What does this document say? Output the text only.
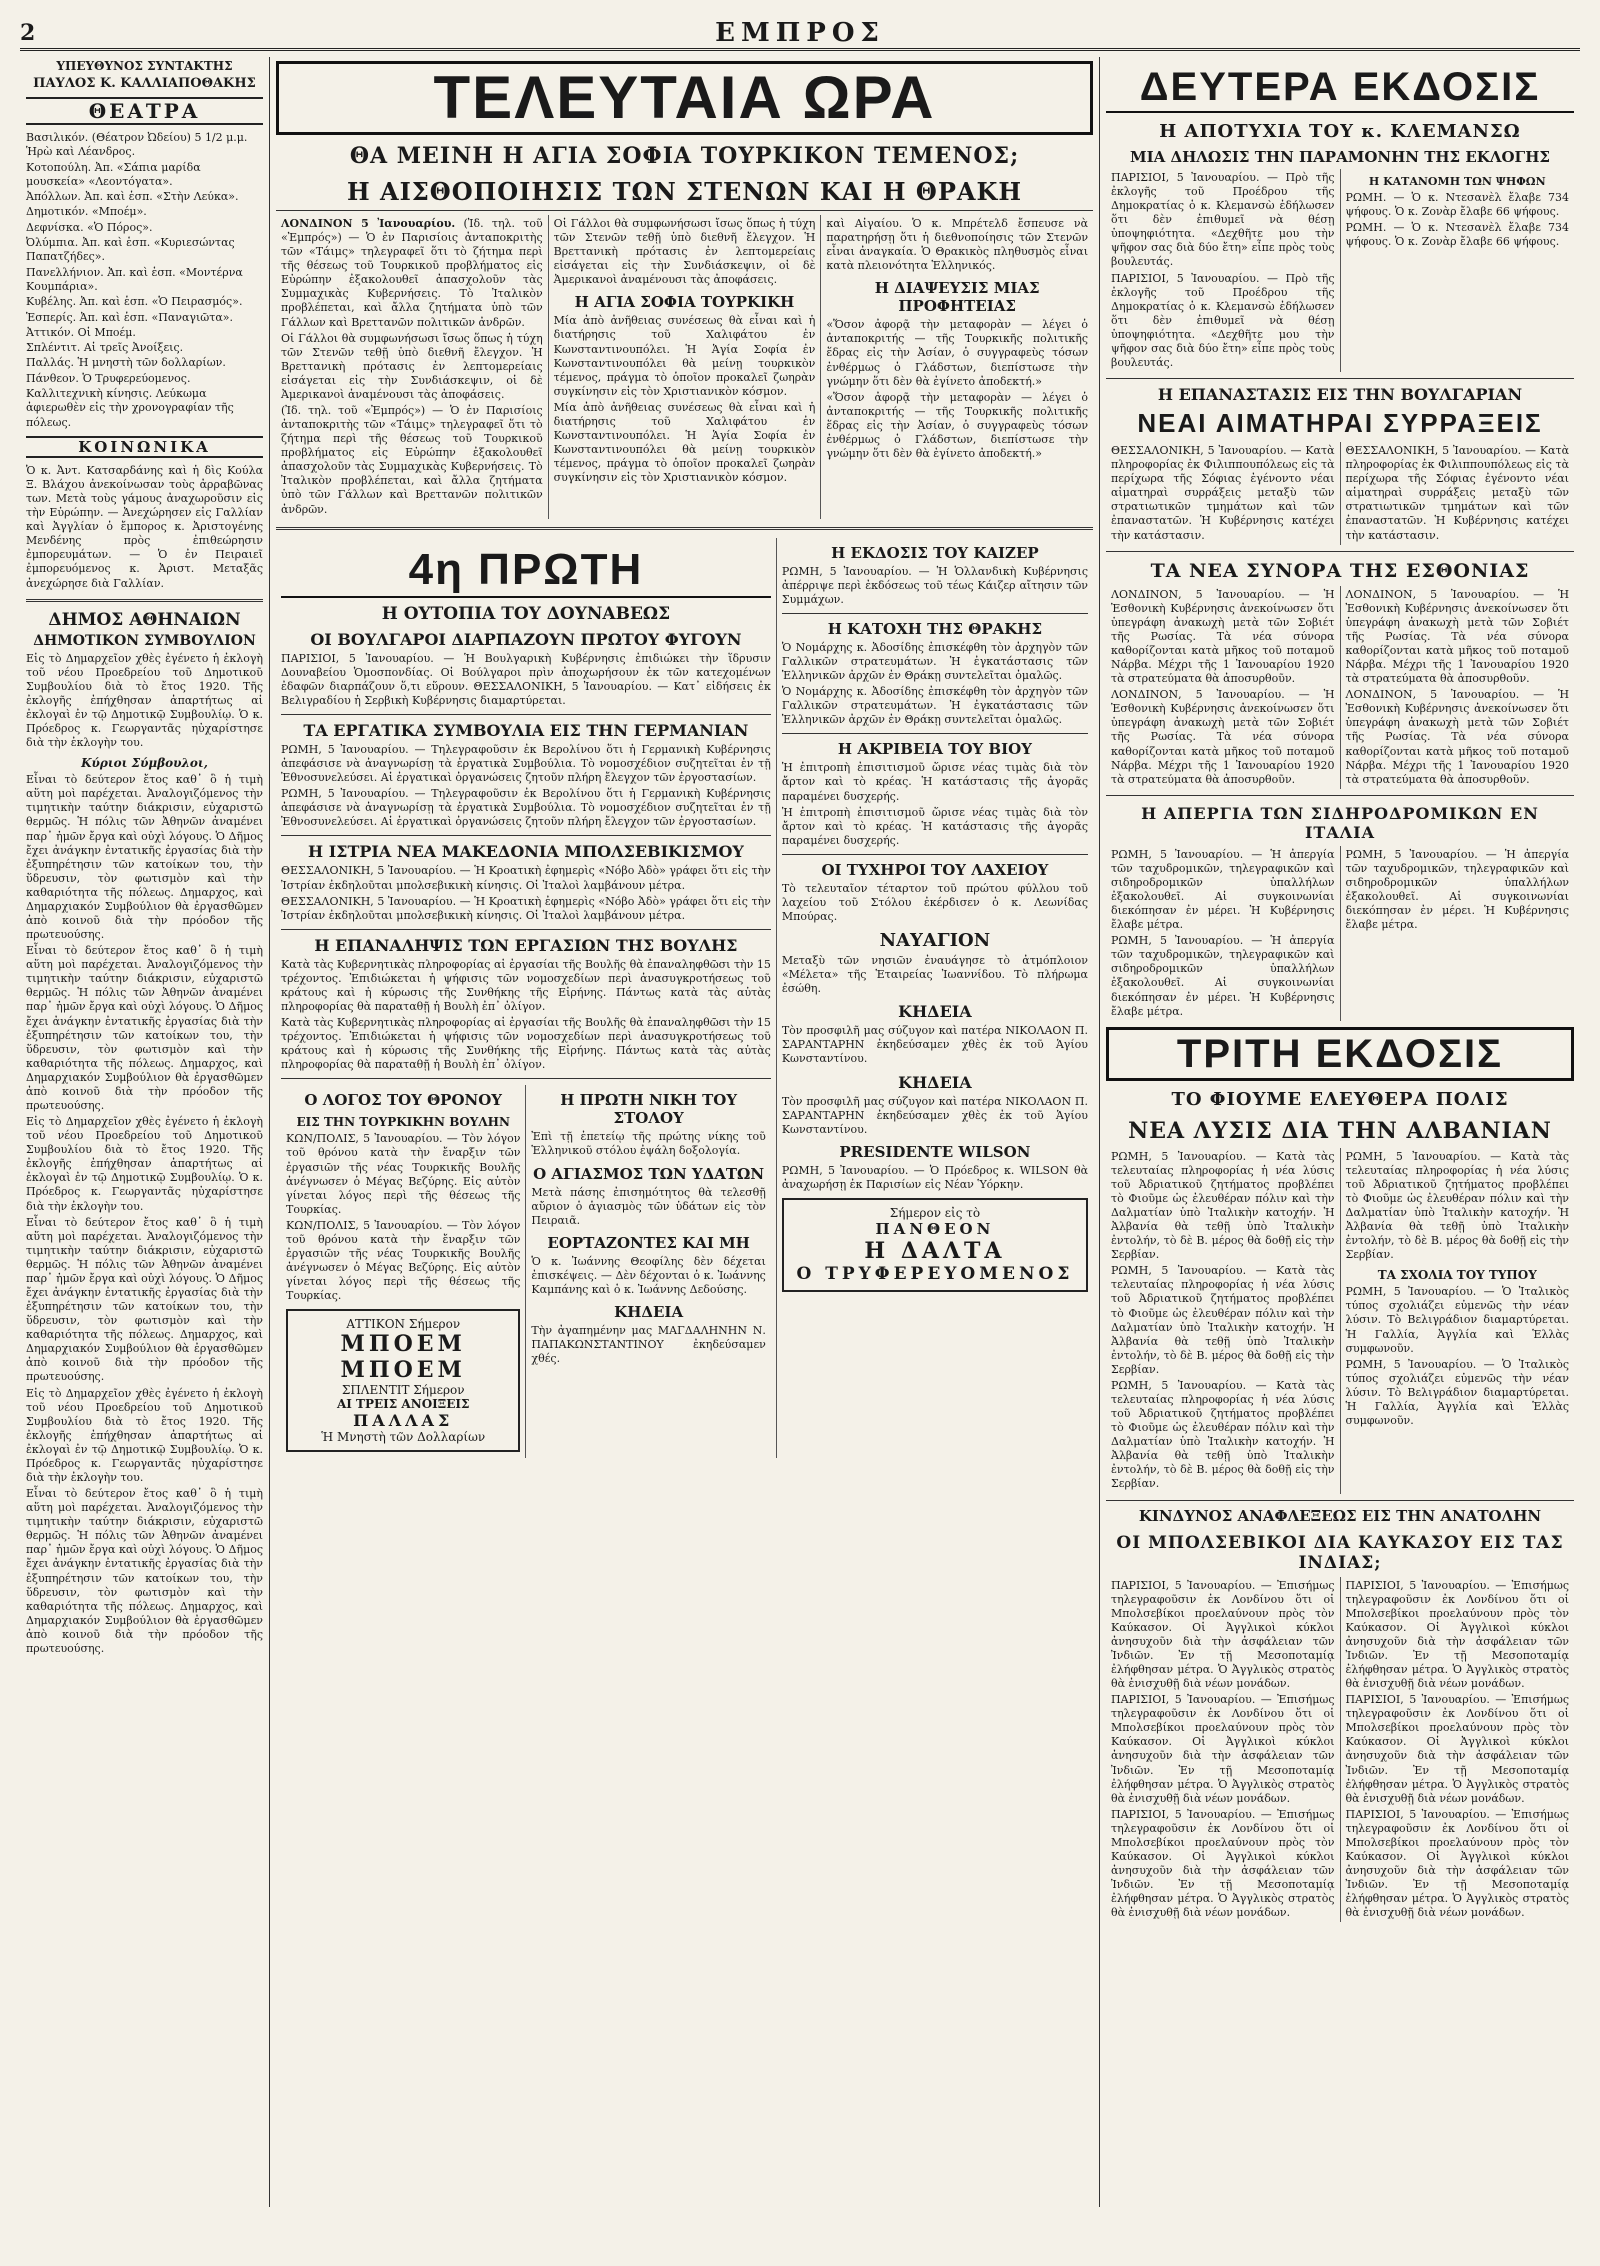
2	ΕΜΠΡΟΣ
ΥΠΕΥΘΥΝΟΣ ΣΥΝΤΑΚΤΗΣ
ΠΑΥΛΟΣ Κ. ΚΑΛΛΙΑΠΟΘΑΚΗΣ
ΘΕΑΤΡΑ
Βασιλικόν. (Θέατρον Ὠδείου) 5 1/2 μ.μ. Ἡρὼ καὶ Λέανδρος.
Κοτοπούλη. Ἀπ. «Σάπια μαρίδα μουσκεία» «Λεοντόγατα».
Ἀπόλλων. Ἀπ. καὶ ἑσπ. «Στὴν Λεύκα».
Δημοτικόν. «Μποέμ».
Δεφνίσκα. «Ὁ Πόρος».
Ὀλύμπια. Ἀπ. καὶ ἑσπ. «Κυριεσώντας Παπατζήδες».
Πανελλήνιον. Ἀπ. καὶ ἑσπ. «Μοντέρνα Κουμπάρια».
Κυβέλης. Ἀπ. καὶ ἑσπ. «Ὁ Πειρασμός».
Ἑσπερίς. Ἀπ. καὶ ἑσπ. «Παναγιῶτα».
Ἀττικόν. Οἱ Μποέμ.
Σπλέντιτ. Αἱ τρεῖς Ἀνοίξεις.
Παλλάς. Ἡ μνηστὴ τῶν δολλαρίων.
Πάνθεον. Ὁ Τρυφερεύομενος.
Καλλιτεχνικὴ κίνησις. Λεύκωμα ἀφιερωθὲν εἰς τὴν χρονογραφίαν τῆς πόλεως.
ΚΟΙΝΩΝΙΚΑ

Ὁ κ. Ἀντ. Κατσαρδάνης καὶ ἡ δὶς Κούλα Ξ. Βλάχου ἀνεκοίνωσαν τοὺς ἀρραβῶνας των. Μετὰ τοὺς γάμους ἀναχωροῦσιν εἰς τὴν Εὐρώπην. — Ἀνεχώρησεν εἰς Γαλλίαν καὶ Ἀγγλίαν ὁ ἔμπορος κ. Ἀριστογένης Μενδένης πρὸς ἐπιθεώρησιν ἐμπορευμάτων. — Ὁ ἐν Πειραιεῖ ἐμπορευόμενος κ. Ἀριστ. Μεταξᾶς ἀνεχώρησε διὰ Γαλλίαν.

ΔΗΜΟΣ ΑΘΗΝΑΙΩΝ
ΔΗΜΟΤΙΚΟΝ ΣΥΜΒΟΥΛΙΟΝ

Εἰς τὸ Δημαρχεῖον χθὲς ἐγένετο ἡ ἐκλογὴ τοῦ νέου Προεδρείου τοῦ Δημοτικοῦ Συμβουλίου διὰ τὸ ἔτος 1920. Τῆς ἐκλογῆς ἐπήχθησαν ἀπαρτήτως αἱ ἐκλογαὶ ἐν τῷ Δημοτικῷ Συμβουλίῳ. Ὁ κ. Πρόεδρος κ. Γεωργαντᾶς ηὐχαρίστησε διὰ τὴν ἐκλογὴν του.

Κύριοι Σύμβουλοι,

Εἶναι τὸ δεύτερον ἔτος καθ᾽ ὃ ἡ τιμὴ αὕτη μοὶ παρέχεται. Ἀναλογιζόμενος τὴν τιμητικὴν ταύτην διάκρισιν, εὐχαριστῶ θερμῶς. Ἡ πόλις τῶν Ἀθηνῶν ἀναμένει παρ᾽ ἡμῶν ἔργα καὶ οὐχὶ λόγους. Ὁ Δῆμος ἔχει ἀνάγκην ἐντατικῆς ἐργασίας διὰ τὴν ἐξυπηρέτησιν τῶν κατοίκων του, τὴν ὕδρευσιν, τὸν φωτισμὸν καὶ τὴν καθαριότητα τῆς πόλεως. Δημαρχος, καὶ Δημαρχιακόν Συμβούλιον θὰ ἐργασθῶμεν ἀπὸ κοινοῦ διὰ τὴν πρόοδον τῆς πρωτευούσης.

Εἶναι τὸ δεύτερον ἔτος καθ᾽ ὃ ἡ τιμὴ αὕτη μοὶ παρέχεται. Ἀναλογιζόμενος τὴν τιμητικὴν ταύτην διάκρισιν, εὐχαριστῶ θερμῶς. Ἡ πόλις τῶν Ἀθηνῶν ἀναμένει παρ᾽ ἡμῶν ἔργα καὶ οὐχὶ λόγους. Ὁ Δῆμος ἔχει ἀνάγκην ἐντατικῆς ἐργασίας διὰ τὴν ἐξυπηρέτησιν τῶν κατοίκων του, τὴν ὕδρευσιν, τὸν φωτισμὸν καὶ τὴν καθαριότητα τῆς πόλεως. Δημαρχος, καὶ Δημαρχιακόν Συμβούλιον θὰ ἐργασθῶμεν ἀπὸ κοινοῦ διὰ τὴν πρόοδον τῆς πρωτευούσης.

Εἰς τὸ Δημαρχεῖον χθὲς ἐγένετο ἡ ἐκλογὴ τοῦ νέου Προεδρείου τοῦ Δημοτικοῦ Συμβουλίου διὰ τὸ ἔτος 1920. Τῆς ἐκλογῆς ἐπήχθησαν ἀπαρτήτως αἱ ἐκλογαὶ ἐν τῷ Δημοτικῷ Συμβουλίῳ. Ὁ κ. Πρόεδρος κ. Γεωργαντᾶς ηὐχαρίστησε διὰ τὴν ἐκλογὴν του.

Εἶναι τὸ δεύτερον ἔτος καθ᾽ ὃ ἡ τιμὴ αὕτη μοὶ παρέχεται. Ἀναλογιζόμενος τὴν τιμητικὴν ταύτην διάκρισιν, εὐχαριστῶ θερμῶς. Ἡ πόλις τῶν Ἀθηνῶν ἀναμένει παρ᾽ ἡμῶν ἔργα καὶ οὐχὶ λόγους. Ὁ Δῆμος ἔχει ἀνάγκην ἐντατικῆς ἐργασίας διὰ τὴν ἐξυπηρέτησιν τῶν κατοίκων του, τὴν ὕδρευσιν, τὸν φωτισμὸν καὶ τὴν καθαριότητα τῆς πόλεως. Δημαρχος, καὶ Δημαρχιακόν Συμβούλιον θὰ ἐργασθῶμεν ἀπὸ κοινοῦ διὰ τὴν πρόοδον τῆς πρωτευούσης.

Εἰς τὸ Δημαρχεῖον χθὲς ἐγένετο ἡ ἐκλογὴ τοῦ νέου Προεδρείου τοῦ Δημοτικοῦ Συμβουλίου διὰ τὸ ἔτος 1920. Τῆς ἐκλογῆς ἐπήχθησαν ἀπαρτήτως αἱ ἐκλογαὶ ἐν τῷ Δημοτικῷ Συμβουλίῳ. Ὁ κ. Πρόεδρος κ. Γεωργαντᾶς ηὐχαρίστησε διὰ τὴν ἐκλογὴν του.

Εἶναι τὸ δεύτερον ἔτος καθ᾽ ὃ ἡ τιμὴ αὕτη μοὶ παρέχεται. Ἀναλογιζόμενος τὴν τιμητικὴν ταύτην διάκρισιν, εὐχαριστῶ θερμῶς. Ἡ πόλις τῶν Ἀθηνῶν ἀναμένει παρ᾽ ἡμῶν ἔργα καὶ οὐχὶ λόγους. Ὁ Δῆμος ἔχει ἀνάγκην ἐντατικῆς ἐργασίας διὰ τὴν ἐξυπηρέτησιν τῶν κατοίκων του, τὴν ὕδρευσιν, τὸν φωτισμὸν καὶ τὴν καθαριότητα τῆς πόλεως. Δημαρχος, καὶ Δημαρχιακόν Συμβούλιον θὰ ἐργασθῶμεν ἀπὸ κοινοῦ διὰ τὴν πρόοδον τῆς πρωτευούσης.

ΤΕΛΕΥΤΑΙΑ ΩΡΑ
ΘΑ ΜΕΙΝΗ Η ΑΓΙΑ ΣΟΦΙΑ ΤΟΥΡΚΙΚΟΝ ΤΕΜΕΝΟΣ;
Η ΑΙΣΘΟΠΟΙΗΣΙΣ ΤΩΝ ΣΤΕΝΩΝ ΚΑΙ Η ΘΡΑΚΗ

ΛΟΝΔΙΝΟΝ 5 Ἰανουαρίου. (Ἰδ. τηλ. τοῦ «Ἐμπρός») — Ὁ ἐν Παρισίοις ἀνταποκριτὴς τῶν «Τάιμς» τηλεγραφεῖ ὅτι τὸ ζήτημα περὶ τῆς θέσεως τοῦ Τουρκικοῦ προβλήματος εἰς Εὐρώπην ἐξακολουθεῖ ἀπασχολοῦν τὰς Συμμαχικὰς Κυβερνήσεις. Τὸ Ἰταλικὸν προβλέπεται, καὶ ἄλλα ζητήματα ὑπὸ τῶν Γάλλων καὶ Βρεττανῶν πολιτικῶν ἀνδρῶν.

Οἱ Γάλλοι θὰ συμφωνήσωσι ἴσως ὅπως ἡ τύχη τῶν Στενῶν τεθῇ ὑπὸ διεθνῆ ἔλεγχον. Ἡ Βρεττανικὴ πρότασις ἐν λεπτομερείαις εἰσάγεται εἰς τὴν Συνδιάσκεψιν, οἱ δὲ Ἀμερικανοὶ ἀναμένουσι τὰς ἀποφάσεις.

(Ἰδ. τηλ. τοῦ «Ἐμπρός») — Ὁ ἐν Παρισίοις ἀνταποκριτὴς τῶν «Τάιμς» τηλεγραφεῖ ὅτι τὸ ζήτημα περὶ τῆς θέσεως τοῦ Τουρκικοῦ προβλήματος εἰς Εὐρώπην ἐξακολουθεῖ ἀπασχολοῦν τὰς Συμμαχικὰς Κυβερνήσεις. Τὸ Ἰταλικὸν προβλέπεται, καὶ ἄλλα ζητήματα ὑπὸ τῶν Γάλλων καὶ Βρεττανῶν πολιτικῶν ἀνδρῶν.

Οἱ Γάλλοι θὰ συμφωνήσωσι ἴσως ὅπως ἡ τύχη τῶν Στενῶν τεθῇ ὑπὸ διεθνῆ ἔλεγχον. Ἡ Βρεττανικὴ πρότασις ἐν λεπτομερείαις εἰσάγεται εἰς τὴν Συνδιάσκεψιν, οἱ δὲ Ἀμερικανοὶ ἀναμένουσι τὰς ἀποφάσεις.

Η ΑΓΙΑ ΣΟΦΙΑ ΤΟΥΡΚΙΚΗ

Μία ἀπὸ ἀνῆθειας συνέσεως θὰ εἶναι καὶ ἡ διατήρησις τοῦ Χαλιφάτου ἐν Κωνσταντινουπόλει. Ἡ Ἁγία Σοφία ἐν Κωνσταντινουπόλει θὰ μείνῃ τουρκικὸν τέμενος, πράγμα τὸ ὁποῖον προκαλεῖ ζωηρὰν συγκίνησιν εἰς τὸν Χριστιανικὸν κόσμον.

Μία ἀπὸ ἀνῆθειας συνέσεως θὰ εἶναι καὶ ἡ διατήρησις τοῦ Χαλιφάτου ἐν Κωνσταντινουπόλει. Ἡ Ἁγία Σοφία ἐν Κωνσταντινουπόλει θὰ μείνῃ τουρκικὸν τέμενος, πράγμα τὸ ὁποῖον προκαλεῖ ζωηρὰν συγκίνησιν εἰς τὸν Χριστιανικὸν κόσμον.

καὶ Αἰγαίου. Ὁ κ. Μπρέτελδ ἔσπευσε νὰ παρατηρήσῃ ὅτι ἡ διεθνοποίησις τῶν Στενῶν εἶναι ἀναγκαία. Ὁ Θρακικὸς πληθυσμὸς εἶναι κατὰ πλειονότητα Ἑλληνικός.

Η ΔΙΑΨΕΥΣΙΣ ΜΙΑΣ ΠΡΟΦΗΤΕΙΑΣ

«Ὅσον ἀφορᾷ τὴν μεταφορὰν — λέγει ὁ ἀνταποκριτής — τῆς Τουρκικῆς πολιτικῆς ἕδρας εἰς τὴν Ἀσίαν, ὁ συγγραφεὺς τόσων ἐνθέρμως ὁ Γλάδστων, διεπίστωσε τὴν γνώμην ὅτι δὲν θὰ ἐγίνετο ἀποδεκτή.»

«Ὅσον ἀφορᾷ τὴν μεταφορὰν — λέγει ὁ ἀνταποκριτής — τῆς Τουρκικῆς πολιτικῆς ἕδρας εἰς τὴν Ἀσίαν, ὁ συγγραφεὺς τόσων ἐνθέρμως ὁ Γλάδστων, διεπίστωσε τὴν γνώμην ὅτι δὲν θὰ ἐγίνετο ἀποδεκτή.»

4η ΠΡΩΤΗ
Η ΟΥΤΟΠΙΑ ΤΟΥ ΔΟΥΝΑΒΕΩΣ
ΟΙ ΒΟΥΛΓΑΡΟΙ ΔΙΑΡΠΑΖΟΥΝ ΠΡΩΤΟΥ ΦΥΓΟΥΝ

ΠΑΡΙΣΙΟΙ, 5 Ἰανουαρίου. — Ἡ Βουλγαρικὴ Κυβέρνησις ἐπιδιώκει τὴν ἵδρυσιν Δουναβείου Ὁμοσπονδίας. Οἱ Βούλγαροι πρὶν ἀποχωρήσουν ἐκ τῶν κατεχομένων ἐδαφῶν διαρπάζουν ὅ,τι εὕρουν. ΘΕΣΣΑΛΟΝΙΚΗ, 5 Ἰανουαρίου. — Κατ᾽ εἰδήσεις ἐκ Βελιγραδίου ἡ Σερβικὴ Κυβέρνησις διαμαρτύρεται.

ΤΑ ΕΡΓΑΤΙΚΑ ΣΥΜΒΟΥΛΙΑ ΕΙΣ ΤΗΝ ΓΕΡΜΑΝΙΑΝ

ΡΩΜΗ, 5 Ἰανουαρίου. — Τηλεγραφοῦσιν ἐκ Βερολίνου ὅτι ἡ Γερμανικὴ Κυβέρνησις ἀπεφάσισε νὰ ἀναγνωρίσῃ τὰ ἐργατικὰ Συμβούλια. Τὸ νομοσχέδιον συζητεῖται ἐν τῇ Ἐθνοσυνελεύσει. Αἱ ἐργατικαὶ ὀργανώσεις ζητοῦν πλήρη ἔλεγχον τῶν ἐργοστασίων.

ΡΩΜΗ, 5 Ἰανουαρίου. — Τηλεγραφοῦσιν ἐκ Βερολίνου ὅτι ἡ Γερμανικὴ Κυβέρνησις ἀπεφάσισε νὰ ἀναγνωρίσῃ τὰ ἐργατικὰ Συμβούλια. Τὸ νομοσχέδιον συζητεῖται ἐν τῇ Ἐθνοσυνελεύσει. Αἱ ἐργατικαὶ ὀργανώσεις ζητοῦν πλήρη ἔλεγχον τῶν ἐργοστασίων.

Η ΙΣΤΡΙΑ ΝΕΑ ΜΑΚΕΔΟΝΙΑ ΜΠΟΛΣΕΒΙΚΙΣΜΟΥ

ΘΕΣΣΑΛΟΝΙΚΗ, 5 Ἰανουαρίου. — Ἡ Κροατικὴ ἐφημερὶς «Νόβο Ἀδὸ» γράφει ὅτι εἰς τὴν Ἰστρίαν ἐκδηλοῦται μπολσεβικικὴ κίνησις. Οἱ Ἰταλοὶ λαμβάνουν μέτρα.

ΘΕΣΣΑΛΟΝΙΚΗ, 5 Ἰανουαρίου. — Ἡ Κροατικὴ ἐφημερὶς «Νόβο Ἀδὸ» γράφει ὅτι εἰς τὴν Ἰστρίαν ἐκδηλοῦται μπολσεβικικὴ κίνησις. Οἱ Ἰταλοὶ λαμβάνουν μέτρα.

Η ΕΠΑΝΑΛΗΨΙΣ ΤΩΝ ΕΡΓΑΣΙΩΝ ΤΗΣ ΒΟΥΛΗΣ

Κατὰ τὰς Κυβερνητικὰς πληροφορίας αἱ ἐργασίαι τῆς Βουλῆς θὰ ἐπαναληφθῶσι τὴν 15 τρέχοντος. Ἐπιδιώκεται ἡ ψήφισις τῶν νομοσχεδίων περὶ ἀνασυγκροτήσεως τοῦ κράτους καὶ ἡ κύρωσις τῆς Συνθήκης τῆς Εἰρήνης. Πάντως κατὰ τὰς αὐτὰς πληροφορίας θὰ παραταθῇ ἡ Βουλὴ ἐπ᾽ ὀλίγον.

Κατὰ τὰς Κυβερνητικὰς πληροφορίας αἱ ἐργασίαι τῆς Βουλῆς θὰ ἐπαναληφθῶσι τὴν 15 τρέχοντος. Ἐπιδιώκεται ἡ ψήφισις τῶν νομοσχεδίων περὶ ἀνασυγκροτήσεως τοῦ κράτους καὶ ἡ κύρωσις τῆς Συνθήκης τῆς Εἰρήνης. Πάντως κατὰ τὰς αὐτὰς πληροφορίας θὰ παραταθῇ ἡ Βουλὴ ἐπ᾽ ὀλίγον.

Ο ΛΟΓΟΣ ΤΟΥ ΘΡΟΝΟΥ
ΕΙΣ ΤΗΝ ΤΟΥΡΚΙΚΗΝ ΒΟΥΛΗΝ

ΚΩΝ/ΠΟΛΙΣ, 5 Ἰανουαρίου. — Τὸν λόγον τοῦ θρόνου κατὰ τὴν ἔναρξιν τῶν ἐργασιῶν τῆς νέας Τουρκικῆς Βουλῆς ἀνέγνωσεν ὁ Μέγας Βεζύρης. Εἰς αὐτὸν γίνεται λόγος περὶ τῆς θέσεως τῆς Τουρκίας.

ΚΩΝ/ΠΟΛΙΣ, 5 Ἰανουαρίου. — Τὸν λόγον τοῦ θρόνου κατὰ τὴν ἔναρξιν τῶν ἐργασιῶν τῆς νέας Τουρκικῆς Βουλῆς ἀνέγνωσεν ὁ Μέγας Βεζύρης. Εἰς αὐτὸν γίνεται λόγος περὶ τῆς θέσεως τῆς Τουρκίας.

ΑΤΤΙΚΟΝ Σήμερον
ΜΠΟΕΜ
ΜΠΟΕΜ
ΣΠΛΕΝΤΙΤ Σήμερον
ΑΙ ΤΡΕΙΣ ΑΝΟΙΞΕΙΣ
ΠΑΛΛΑΣ
Ἡ Μνηστὴ τῶν Δολλαρίων
Η ΠΡΩΤΗ ΝΙΚΗ ΤΟΥ ΣΤΟΛΟΥ

Ἐπὶ τῇ ἐπετείῳ τῆς πρώτης νίκης τοῦ Ἑλληνικοῦ στόλου ἐψάλη δοξολογία.

Ο ΑΓΙΑΣΜΟΣ ΤΩΝ ΥΔΑΤΩΝ

Μετὰ πάσης ἐπισημότητος θὰ τελεσθῇ αὔριον ὁ ἁγιασμὸς τῶν ὑδάτων εἰς τὸν Πειραιᾶ.

ΕΟΡΤΑΖΟΝΤΕΣ ΚΑΙ ΜΗ

Ὁ κ. Ἰωάννης Θεοφίλης δὲν δέχεται ἐπισκέψεις. — Δὲν δέχονται ὁ κ. Ἰωάννης Καμπάνης καὶ ὁ κ. Ἰωάννης Δεδούσης.

ΚΗΔΕΙΑ

Τὴν ἀγαπημένην μας ΜΑΓΔΑΛΗΝΗΝ Ν. ΠΑΠΑΚΩΝΣΤΑΝΤΙΝΟΥ ἐκηδεύσαμεν χθές.

Η ΕΚΔΟΣΙΣ ΤΟΥ ΚΑΙΖΕΡ

ΡΩΜΗ, 5 Ἰανουαρίου. — Ἡ Ὁλλανδικὴ Κυβέρνησις ἀπέρριψε περὶ ἐκδόσεως τοῦ τέως Κάιζερ αἴτησιν τῶν Συμμάχων.

Η ΚΑΤΟΧΗ ΤΗΣ ΘΡΑΚΗΣ

Ὁ Νομάρχης κ. Ἀδοσίδης ἐπισκέφθη τὸν ἀρχηγὸν τῶν Γαλλικῶν στρατευμάτων. Ἡ ἐγκατάστασις τῶν Ἑλληνικῶν ἀρχῶν ἐν Θράκῃ συντελεῖται ὁμαλῶς.

Ὁ Νομάρχης κ. Ἀδοσίδης ἐπισκέφθη τὸν ἀρχηγὸν τῶν Γαλλικῶν στρατευμάτων. Ἡ ἐγκατάστασις τῶν Ἑλληνικῶν ἀρχῶν ἐν Θράκῃ συντελεῖται ὁμαλῶς.

Η ΑΚΡΙΒΕΙΑ ΤΟΥ ΒΙΟΥ

Ἡ ἐπιτροπὴ ἐπισιτισμοῦ ὥρισε νέας τιμὰς διὰ τὸν ἄρτον καὶ τὸ κρέας. Ἡ κατάστασις τῆς ἀγορᾶς παραμένει δυσχερής.

Ἡ ἐπιτροπὴ ἐπισιτισμοῦ ὥρισε νέας τιμὰς διὰ τὸν ἄρτον καὶ τὸ κρέας. Ἡ κατάστασις τῆς ἀγορᾶς παραμένει δυσχερής.

ΟΙ ΤΥΧΗΡΟΙ ΤΟΥ ΛΑΧΕΙΟΥ

Τὸ τελευταῖον τέταρτον τοῦ πρώτου φύλλου τοῦ λαχείου τοῦ Στόλου ἐκέρδισεν ὁ κ. Λεωνίδας Μπούρας.

ΝΑΥΑΓΙΟΝ

Μεταξὺ τῶν νησιῶν ἐναυάγησε τὸ ἀτμόπλοιον «Μέλετα» τῆς Ἑταιρείας Ἰωαννίδου. Τὸ πλήρωμα ἐσώθη.

ΚΗΔΕΙΑ

Τὸν προσφιλῆ μας σύζυγον καὶ πατέρα ΝΙΚΟΛΑΟΝ Π. ΣΑΡΑΝΤΑΡΗΝ ἐκηδεύσαμεν χθὲς ἐκ τοῦ Ἁγίου Κωνσταντίνου.

ΚΗΔΕΙΑ

Τὸν προσφιλῆ μας σύζυγον καὶ πατέρα ΝΙΚΟΛΑΟΝ Π. ΣΑΡΑΝΤΑΡΗΝ ἐκηδεύσαμεν χθὲς ἐκ τοῦ Ἁγίου Κωνσταντίνου.

PRESIDENTE WILSON

ΡΩΜΗ, 5 Ἰανουαρίου. — Ὁ Πρόεδρος κ. WILSON θὰ ἀναχωρήσῃ ἐκ Παρισίων εἰς Νέαν Ὑόρκην.

Σήμερον εἰς τὸ
ΠΑΝΘΕΟΝ
Η ΔΑΛΤΑ
Ο ΤΡΥΦΕΡΕΥΟΜΕΝΟΣ
ΔΕΥΤΕΡΑ ΕΚΔΟΣΙΣ
Η ΑΠΟΤΥΧΙΑ ΤΟΥ κ. ΚΛΕΜΑΝΣΩ
ΜΙΑ ΔΗΛΩΣΙΣ ΤΗΝ ΠΑΡΑΜΟΝΗΝ ΤΗΣ ΕΚΛΟΓΗΣ

ΠΑΡΙΣΙΟΙ, 5 Ἰανουαρίου. — Πρὸ τῆς ἐκλογῆς τοῦ Προέδρου τῆς Δημοκρατίας ὁ κ. Κλεμανσὼ ἐδήλωσεν ὅτι δὲν ἐπιθυμεῖ νὰ θέσῃ ὑποψηφιότητα. «Δεχθῆτε μου τὴν ψῆφον σας διὰ δύο ἔτη» εἶπε πρὸς τοὺς βουλευτάς.

ΠΑΡΙΣΙΟΙ, 5 Ἰανουαρίου. — Πρὸ τῆς ἐκλογῆς τοῦ Προέδρου τῆς Δημοκρατίας ὁ κ. Κλεμανσὼ ἐδήλωσεν ὅτι δὲν ἐπιθυμεῖ νὰ θέσῃ ὑποψηφιότητα. «Δεχθῆτε μου τὴν ψῆφον σας διὰ δύο ἔτη» εἶπε πρὸς τοὺς βουλευτάς.

Η ΚΑΤΑΝΟΜΗ ΤΩΝ ΨΗΦΩΝ

ΡΩΜΗ. — Ὁ κ. Ντεσανὲλ ἔλαβε 734 ψήφους. Ὁ κ. Ζονὰρ ἔλαβε 66 ψήφους.

ΡΩΜΗ. — Ὁ κ. Ντεσανὲλ ἔλαβε 734 ψήφους. Ὁ κ. Ζονὰρ ἔλαβε 66 ψήφους.

Η ΕΠΑΝΑΣΤΑΣΙΣ ΕΙΣ ΤΗΝ ΒΟΥΛΓΑΡΙΑΝ
ΝΕΑΙ ΑΙΜΑΤΗΡΑΙ ΣΥΡΡΑΞΕΙΣ

ΘΕΣΣΑΛΟΝΙΚΗ, 5 Ἰανουαρίου. — Κατὰ πληροφορίας ἐκ Φιλιππουπόλεως εἰς τὰ περίχωρα τῆς Σόφιας ἐγένοντο νέαι αἱματηραὶ συρράξεις μεταξὺ τῶν στρατιωτικῶν τμημάτων καὶ τῶν ἐπαναστατῶν. Ἡ Κυβέρνησις κατέχει τὴν κατάστασιν.

ΘΕΣΣΑΛΟΝΙΚΗ, 5 Ἰανουαρίου. — Κατὰ πληροφορίας ἐκ Φιλιππουπόλεως εἰς τὰ περίχωρα τῆς Σόφιας ἐγένοντο νέαι αἱματηραὶ συρράξεις μεταξὺ τῶν στρατιωτικῶν τμημάτων καὶ τῶν ἐπαναστατῶν. Ἡ Κυβέρνησις κατέχει τὴν κατάστασιν.

ΤΑ ΝΕΑ ΣΥΝΟΡΑ ΤΗΣ ΕΣΘΟΝΙΑΣ

ΛΟΝΔΙΝΟΝ, 5 Ἰανουαρίου. — Ἡ Ἐσθονικὴ Κυβέρνησις ἀνεκοίνωσεν ὅτι ὑπεγράφη ἀνακωχὴ μετὰ τῶν Σοβιέτ τῆς Ρωσίας. Τὰ νέα σύνορα καθορίζονται κατὰ μῆκος τοῦ ποταμοῦ Νάρβα. Μέχρι τῆς 1 Ἰανουαρίου 1920 τὰ στρατεύματα θὰ ἀποσυρθοῦν.

ΛΟΝΔΙΝΟΝ, 5 Ἰανουαρίου. — Ἡ Ἐσθονικὴ Κυβέρνησις ἀνεκοίνωσεν ὅτι ὑπεγράφη ἀνακωχὴ μετὰ τῶν Σοβιέτ τῆς Ρωσίας. Τὰ νέα σύνορα καθορίζονται κατὰ μῆκος τοῦ ποταμοῦ Νάρβα. Μέχρι τῆς 1 Ἰανουαρίου 1920 τὰ στρατεύματα θὰ ἀποσυρθοῦν.

ΛΟΝΔΙΝΟΝ, 5 Ἰανουαρίου. — Ἡ Ἐσθονικὴ Κυβέρνησις ἀνεκοίνωσεν ὅτι ὑπεγράφη ἀνακωχὴ μετὰ τῶν Σοβιέτ τῆς Ρωσίας. Τὰ νέα σύνορα καθορίζονται κατὰ μῆκος τοῦ ποταμοῦ Νάρβα. Μέχρι τῆς 1 Ἰανουαρίου 1920 τὰ στρατεύματα θὰ ἀποσυρθοῦν.

ΛΟΝΔΙΝΟΝ, 5 Ἰανουαρίου. — Ἡ Ἐσθονικὴ Κυβέρνησις ἀνεκοίνωσεν ὅτι ὑπεγράφη ἀνακωχὴ μετὰ τῶν Σοβιέτ τῆς Ρωσίας. Τὰ νέα σύνορα καθορίζονται κατὰ μῆκος τοῦ ποταμοῦ Νάρβα. Μέχρι τῆς 1 Ἰανουαρίου 1920 τὰ στρατεύματα θὰ ἀποσυρθοῦν.

Η ΑΠΕΡΓΙΑ ΤΩΝ ΣΙΔΗΡΟΔΡΟΜΙΚΩΝ ΕΝ ΙΤΑΛΙΑ

ΡΩΜΗ, 5 Ἰανουαρίου. — Ἡ ἀπεργία τῶν ταχυδρομικῶν, τηλεγραφικῶν καὶ σιδηροδρομικῶν ὑπαλλήλων ἐξακολουθεῖ. Αἱ συγκοινωνίαι διεκόπησαν ἐν μέρει. Ἡ Κυβέρνησις ἔλαβε μέτρα.

ΡΩΜΗ, 5 Ἰανουαρίου. — Ἡ ἀπεργία τῶν ταχυδρομικῶν, τηλεγραφικῶν καὶ σιδηροδρομικῶν ὑπαλλήλων ἐξακολουθεῖ. Αἱ συγκοινωνίαι διεκόπησαν ἐν μέρει. Ἡ Κυβέρνησις ἔλαβε μέτρα.

ΡΩΜΗ, 5 Ἰανουαρίου. — Ἡ ἀπεργία τῶν ταχυδρομικῶν, τηλεγραφικῶν καὶ σιδηροδρομικῶν ὑπαλλήλων ἐξακολουθεῖ. Αἱ συγκοινωνίαι διεκόπησαν ἐν μέρει. Ἡ Κυβέρνησις ἔλαβε μέτρα.

ΤΡΙΤΗ ΕΚΔΟΣΙΣ
ΤΟ ΦΙΟΥΜΕ ΕΛΕΥΘΕΡΑ ΠΟΛΙΣ
ΝΕΑ ΛΥΣΙΣ ΔΙΑ ΤΗΝ ΑΛΒΑΝΙΑΝ

ΡΩΜΗ, 5 Ἰανουαρίου. — Κατὰ τὰς τελευταίας πληροφορίας ἡ νέα λύσις τοῦ Ἀδριατικοῦ ζητήματος προβλέπει τὸ Φιοῦμε ὡς ἐλευθέραν πόλιν καὶ τὴν Δαλματίαν ὑπὸ Ἰταλικὴν κατοχήν. Ἡ Ἀλβανία θὰ τεθῇ ὑπὸ Ἰταλικὴν ἐντολήν, τὸ δὲ Β. μέρος θὰ δοθῇ εἰς τὴν Σερβίαν.

ΡΩΜΗ, 5 Ἰανουαρίου. — Κατὰ τὰς τελευταίας πληροφορίας ἡ νέα λύσις τοῦ Ἀδριατικοῦ ζητήματος προβλέπει τὸ Φιοῦμε ὡς ἐλευθέραν πόλιν καὶ τὴν Δαλματίαν ὑπὸ Ἰταλικὴν κατοχήν. Ἡ Ἀλβανία θὰ τεθῇ ὑπὸ Ἰταλικὴν ἐντολήν, τὸ δὲ Β. μέρος θὰ δοθῇ εἰς τὴν Σερβίαν.

ΡΩΜΗ, 5 Ἰανουαρίου. — Κατὰ τὰς τελευταίας πληροφορίας ἡ νέα λύσις τοῦ Ἀδριατικοῦ ζητήματος προβλέπει τὸ Φιοῦμε ὡς ἐλευθέραν πόλιν καὶ τὴν Δαλματίαν ὑπὸ Ἰταλικὴν κατοχήν. Ἡ Ἀλβανία θὰ τεθῇ ὑπὸ Ἰταλικὴν ἐντολήν, τὸ δὲ Β. μέρος θὰ δοθῇ εἰς τὴν Σερβίαν.

ΡΩΜΗ, 5 Ἰανουαρίου. — Κατὰ τὰς τελευταίας πληροφορίας ἡ νέα λύσις τοῦ Ἀδριατικοῦ ζητήματος προβλέπει τὸ Φιοῦμε ὡς ἐλευθέραν πόλιν καὶ τὴν Δαλματίαν ὑπὸ Ἰταλικὴν κατοχήν. Ἡ Ἀλβανία θὰ τεθῇ ὑπὸ Ἰταλικὴν ἐντολήν, τὸ δὲ Β. μέρος θὰ δοθῇ εἰς τὴν Σερβίαν.

ΤΑ ΣΧΟΛΙΑ ΤΟΥ ΤΥΠΟΥ

ΡΩΜΗ, 5 Ἰανουαρίου. — Ὁ Ἰταλικὸς τύπος σχολιάζει εὐμενῶς τὴν νέαν λύσιν. Τὸ Βελιγράδιον διαμαρτύρεται. Ἡ Γαλλία, Ἀγγλία καὶ Ἑλλὰς συμφωνοῦν.

ΡΩΜΗ, 5 Ἰανουαρίου. — Ὁ Ἰταλικὸς τύπος σχολιάζει εὐμενῶς τὴν νέαν λύσιν. Τὸ Βελιγράδιον διαμαρτύρεται. Ἡ Γαλλία, Ἀγγλία καὶ Ἑλλὰς συμφωνοῦν.

ΚΙΝΔΥΝΟΣ ΑΝΑΦΛΕΞΕΩΣ ΕΙΣ ΤΗΝ ΑΝΑΤΟΛΗΝ
ΟΙ ΜΠΟΛΣΕΒΙΚΟΙ ΔΙΑ ΚΑΥΚΑΣΟΥ ΕΙΣ ΤΑΣ ΙΝΔΙΑΣ;

ΠΑΡΙΣΙΟΙ, 5 Ἰανουαρίου. — Ἐπισήμως τηλεγραφοῦσιν ἐκ Λονδίνου ὅτι οἱ Μπολσεβίκοι προελαύνουν πρὸς τὸν Καύκασον. Οἱ Ἀγγλικοὶ κύκλοι ἀνησυχοῦν διὰ τὴν ἀσφάλειαν τῶν Ἰνδιῶν. Ἐν τῇ Μεσοποταμίᾳ ἐλήφθησαν μέτρα. Ὁ Ἀγγλικὸς στρατὸς θὰ ἐνισχυθῇ διὰ νέων μονάδων.

ΠΑΡΙΣΙΟΙ, 5 Ἰανουαρίου. — Ἐπισήμως τηλεγραφοῦσιν ἐκ Λονδίνου ὅτι οἱ Μπολσεβίκοι προελαύνουν πρὸς τὸν Καύκασον. Οἱ Ἀγγλικοὶ κύκλοι ἀνησυχοῦν διὰ τὴν ἀσφάλειαν τῶν Ἰνδιῶν. Ἐν τῇ Μεσοποταμίᾳ ἐλήφθησαν μέτρα. Ὁ Ἀγγλικὸς στρατὸς θὰ ἐνισχυθῇ διὰ νέων μονάδων.

ΠΑΡΙΣΙΟΙ, 5 Ἰανουαρίου. — Ἐπισήμως τηλεγραφοῦσιν ἐκ Λονδίνου ὅτι οἱ Μπολσεβίκοι προελαύνουν πρὸς τὸν Καύκασον. Οἱ Ἀγγλικοὶ κύκλοι ἀνησυχοῦν διὰ τὴν ἀσφάλειαν τῶν Ἰνδιῶν. Ἐν τῇ Μεσοποταμίᾳ ἐλήφθησαν μέτρα. Ὁ Ἀγγλικὸς στρατὸς θὰ ἐνισχυθῇ διὰ νέων μονάδων.

ΠΑΡΙΣΙΟΙ, 5 Ἰανουαρίου. — Ἐπισήμως τηλεγραφοῦσιν ἐκ Λονδίνου ὅτι οἱ Μπολσεβίκοι προελαύνουν πρὸς τὸν Καύκασον. Οἱ Ἀγγλικοὶ κύκλοι ἀνησυχοῦν διὰ τὴν ἀσφάλειαν τῶν Ἰνδιῶν. Ἐν τῇ Μεσοποταμίᾳ ἐλήφθησαν μέτρα. Ὁ Ἀγγλικὸς στρατὸς θὰ ἐνισχυθῇ διὰ νέων μονάδων.

ΠΑΡΙΣΙΟΙ, 5 Ἰανουαρίου. — Ἐπισήμως τηλεγραφοῦσιν ἐκ Λονδίνου ὅτι οἱ Μπολσεβίκοι προελαύνουν πρὸς τὸν Καύκασον. Οἱ Ἀγγλικοὶ κύκλοι ἀνησυχοῦν διὰ τὴν ἀσφάλειαν τῶν Ἰνδιῶν. Ἐν τῇ Μεσοποταμίᾳ ἐλήφθησαν μέτρα. Ὁ Ἀγγλικὸς στρατὸς θὰ ἐνισχυθῇ διὰ νέων μονάδων.

ΠΑΡΙΣΙΟΙ, 5 Ἰανουαρίου. — Ἐπισήμως τηλεγραφοῦσιν ἐκ Λονδίνου ὅτι οἱ Μπολσεβίκοι προελαύνουν πρὸς τὸν Καύκασον. Οἱ Ἀγγλικοὶ κύκλοι ἀνησυχοῦν διὰ τὴν ἀσφάλειαν τῶν Ἰνδιῶν. Ἐν τῇ Μεσοποταμίᾳ ἐλήφθησαν μέτρα. Ὁ Ἀγγλικὸς στρατὸς θὰ ἐνισχυθῇ διὰ νέων μονάδων.
